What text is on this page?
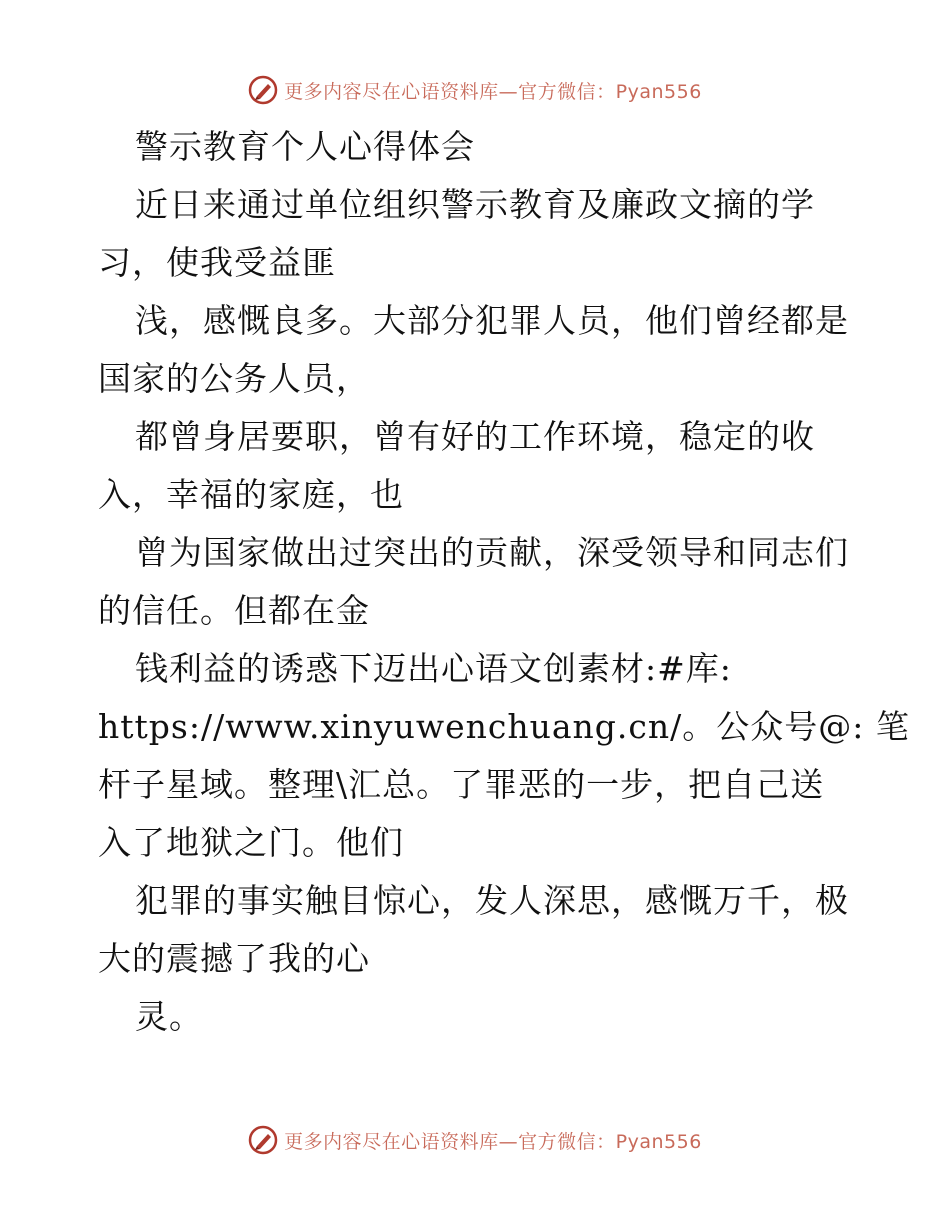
更多内容尽在心语资料库—官方微信：Pyan556
警示教育个人心得体会
近日来通过单位组织警示教育及廉政文摘的学
习，使我受益匪
浅，感慨良多。大部分犯罪人员，他们曾经都是
国家的公务人员，
都曾身居要职，曾有好的工作环境，稳定的收
入，幸福的家庭，也
曾为国家做出过突出的贡献，深受领导和同志们
的信任。但都在金
钱利益的诱惑下迈出心语文创素材:#库:
https://www.xinyuwenchuang.cn/。公众号@: 笔
杆子星域。整理\汇总。了罪恶的一步，把自己送
入了地狱之门。他们
犯罪的事实触目惊心，发人深思，感慨万千，极
大的震撼了我的心
灵。
更多内容尽在心语资料库—官方微信：Pyan556
